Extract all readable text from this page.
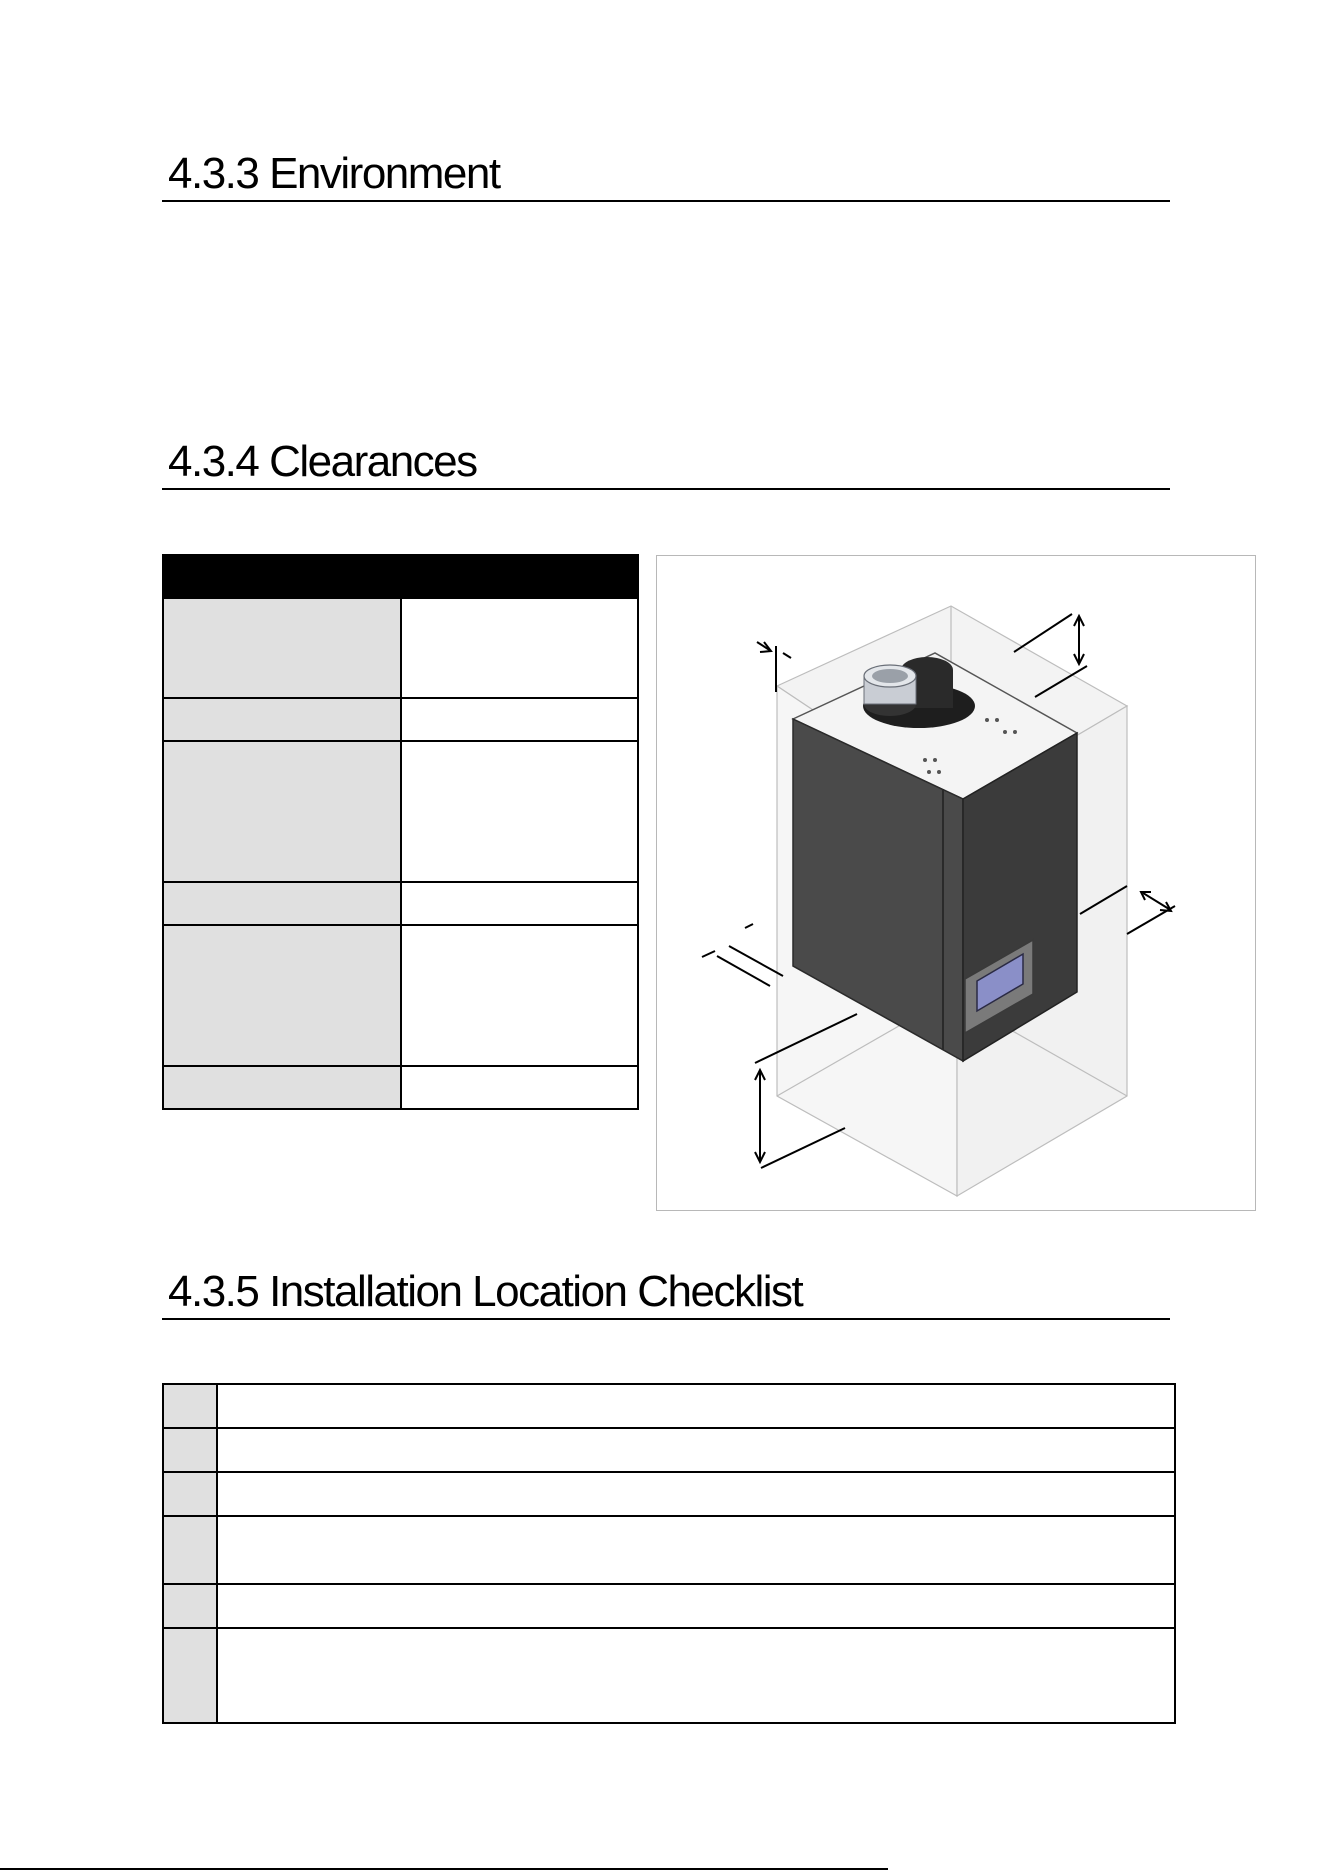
4.3.3 Environment
4.3.4 Clearances

4.3.5 Installation Location Checklist
